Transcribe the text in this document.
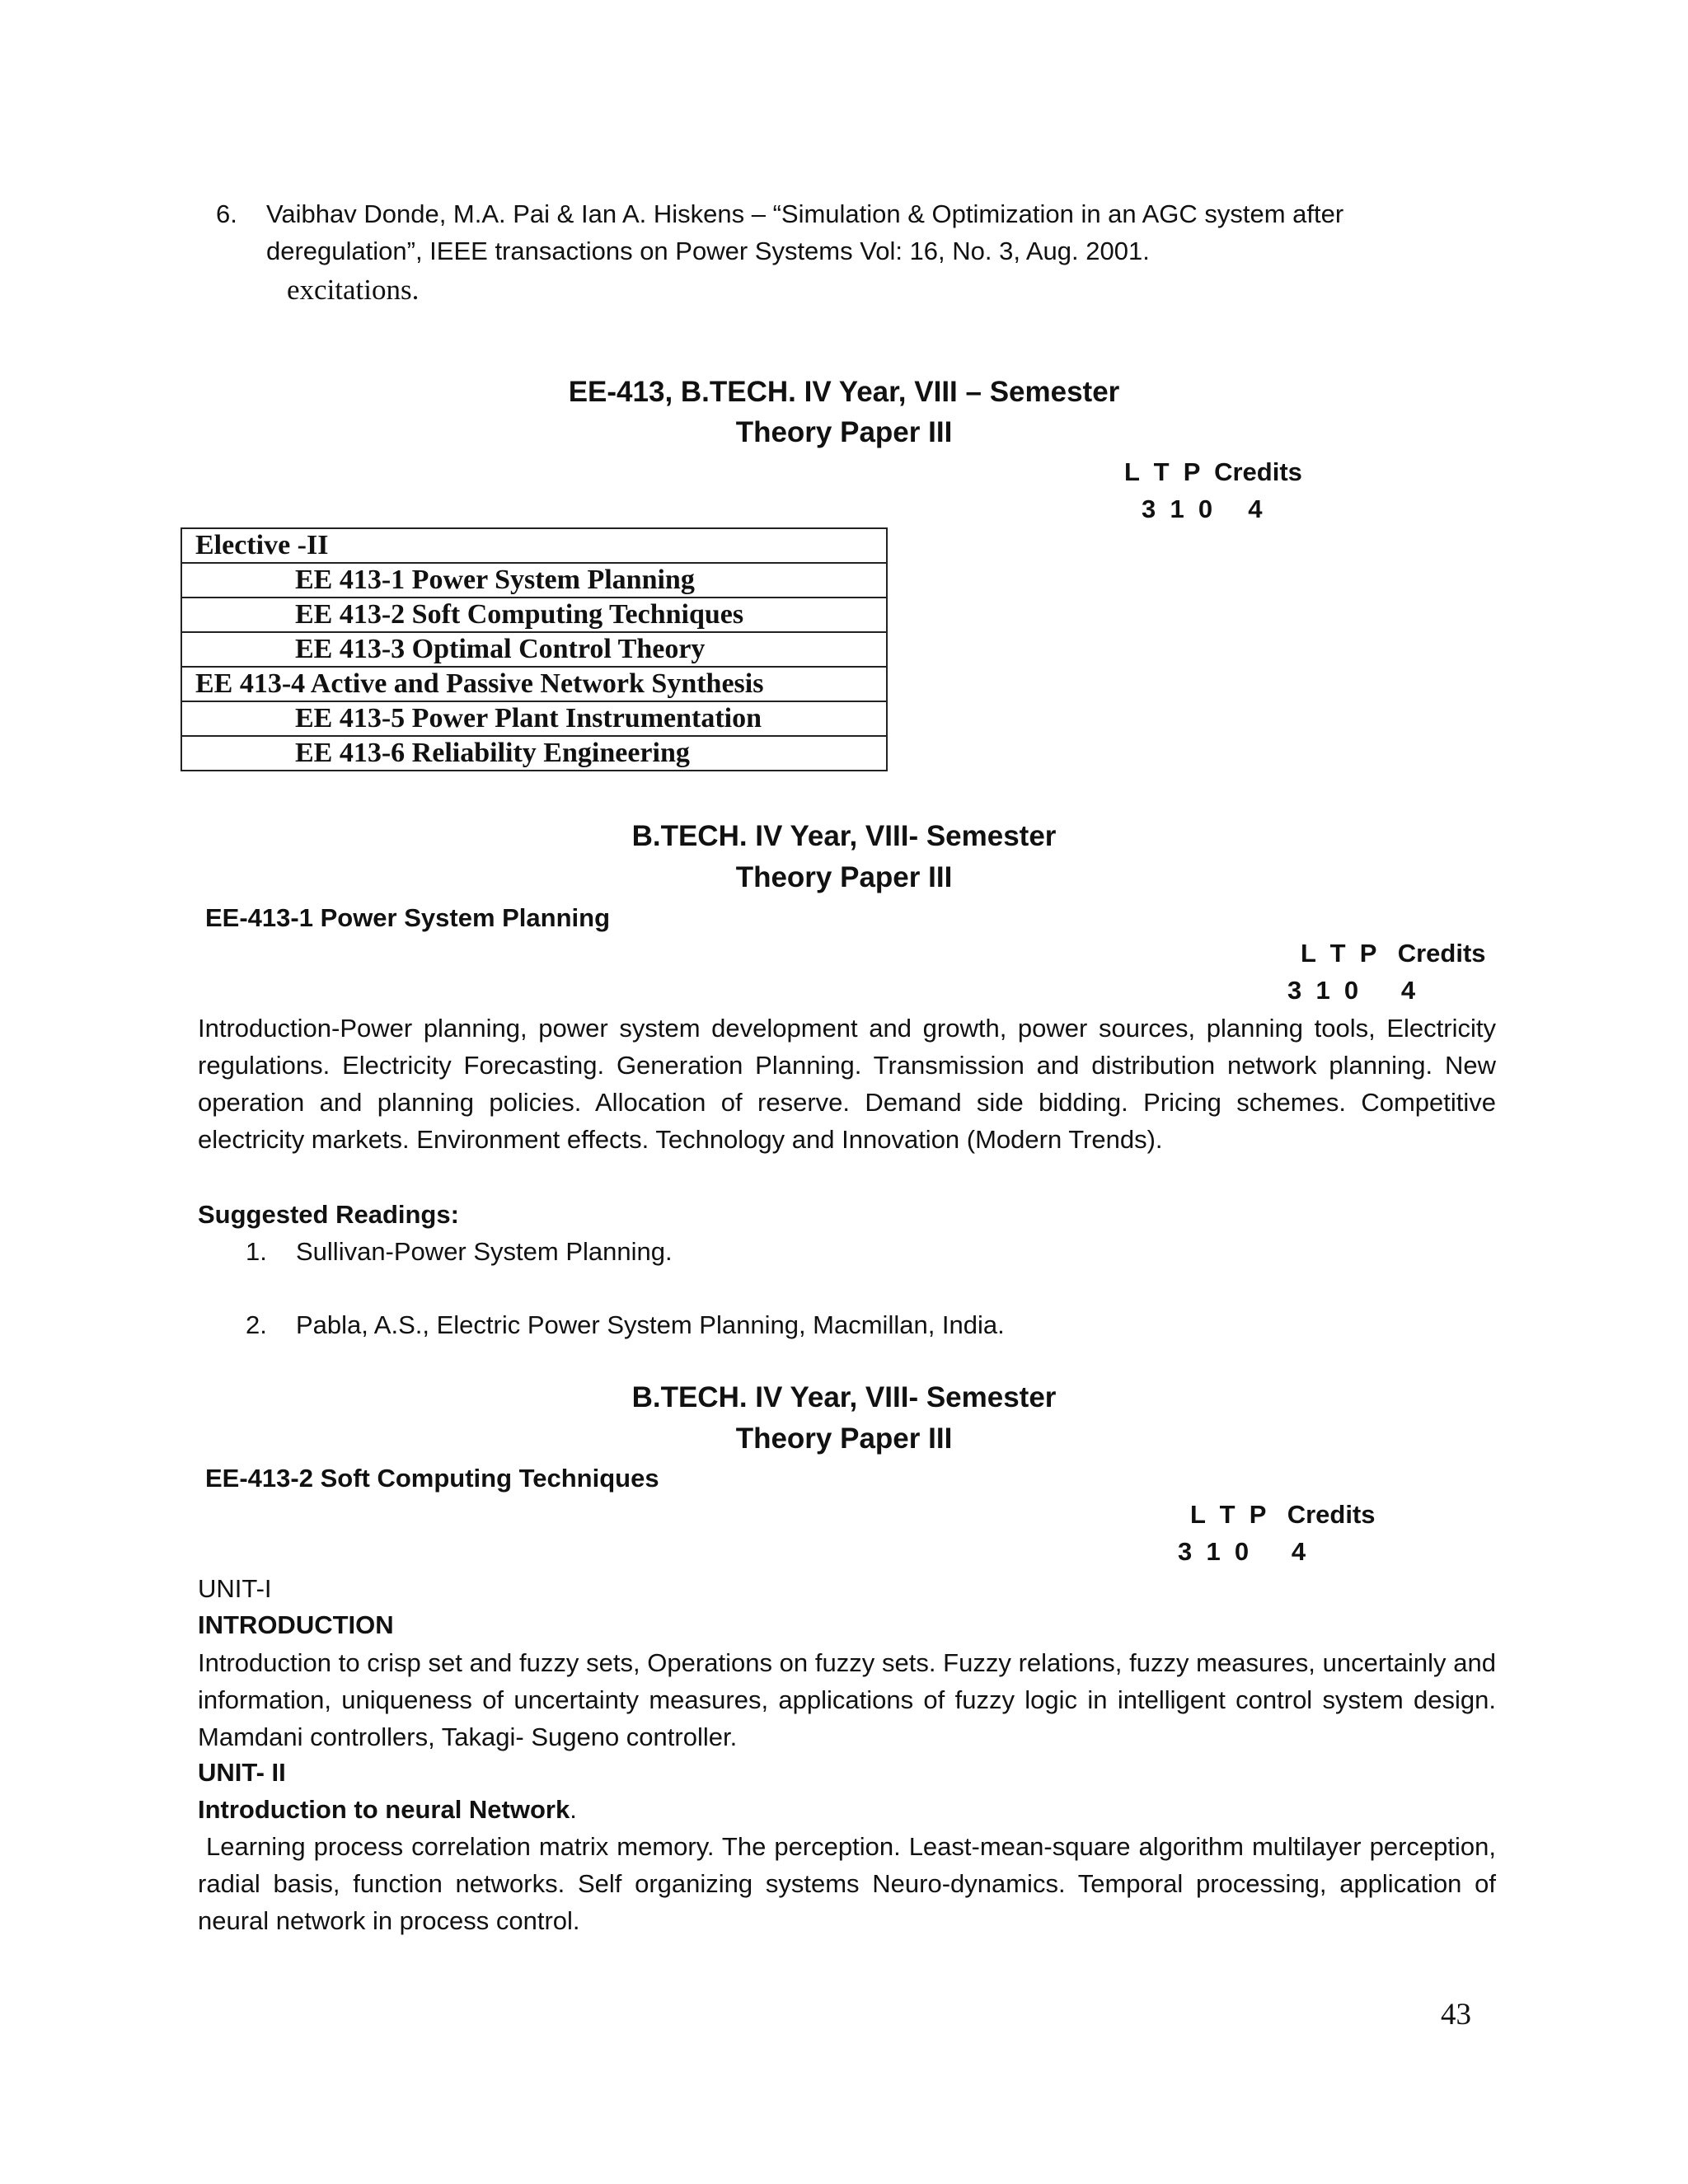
6. Vaibhav Donde, M.A. Pai & Ian A. Hiskens – “Simulation & Optimization in an AGC system after
deregulation”, IEEE transactions on Power Systems Vol: 16, No. 3, Aug. 2001.
excitations.
EE-413, B.TECH. IV Year, VIII – Semester
Theory Paper III
L  T  P  Credits
3  1  0     4
Elective -II
EE 413-1 Power System Planning
EE 413-2 Soft Computing Techniques
EE 413-3 Optimal Control Theory
EE 413-4 Active and Passive Network Synthesis
EE 413-5 Power Plant Instrumentation
EE 413-6 Reliability Engineering
B.TECH. IV Year, VIII- Semester
Theory Paper III
EE-413-1 Power System Planning
L  T  P   Credits
3  1  0      4
Introduction-Power planning, power system development and growth, power sources, planning tools, Electricity regulations. Electricity Forecasting. Generation Planning. Transmission and distribution network planning. New operation and planning policies. Allocation of reserve. Demand side bidding. Pricing schemes. Competitive electricity markets. Environment effects. Technology and Innovation (Modern Trends).
Suggested Readings:
1. Sullivan-Power System Planning.
2. Pabla, A.S., Electric Power System Planning, Macmillan, India.
B.TECH. IV Year, VIII- Semester
Theory Paper III
EE-413-2 Soft Computing Techniques
L  T  P   Credits
3  1  0      4
UNIT-I
INTRODUCTION
Introduction to crisp set and fuzzy sets, Operations on fuzzy sets. Fuzzy relations, fuzzy measures, uncertainly and information, uniqueness of uncertainty measures, applications of fuzzy logic in intelligent control system design. Mamdani controllers, Takagi- Sugeno controller.
UNIT- II
Introduction to neural Network.
Learning process correlation matrix memory. The perception. Least-mean-square algorithm multilayer perception, radial basis, function networks. Self organizing systems Neuro-dynamics. Temporal processing, application of neural network in process control.
43
